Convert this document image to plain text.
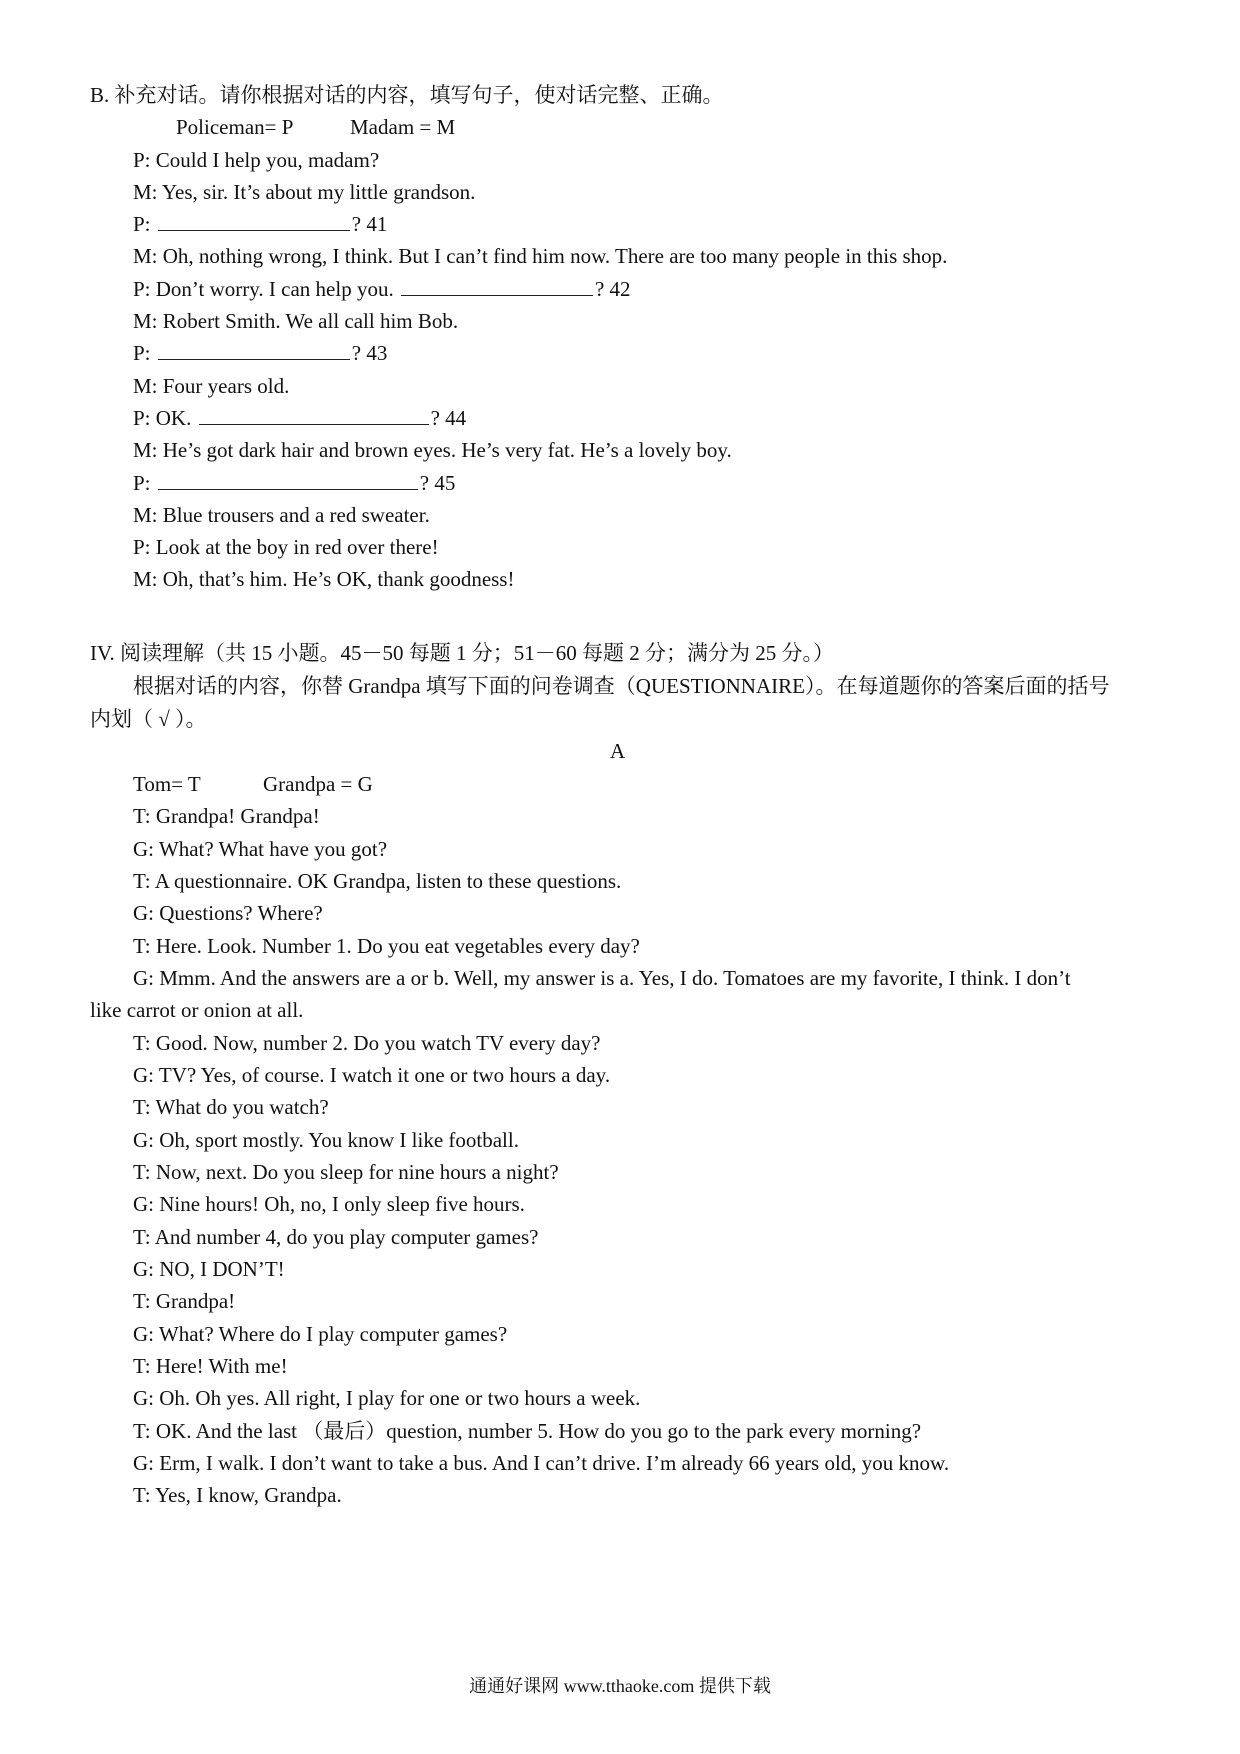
B. 补充对话。请你根据对话的内容，填写句子，使对话完整、正确。
Policeman= P	Madam = M
P: Could I help you, madam?
M: Yes, sir. It’s about my little grandson.
P:	? 41
M: Oh, nothing wrong, I think. But I can’t find him now. There are too many people in this shop.
P: Don’t worry. I can help you.	? 42
M: Robert Smith. We all call him Bob.
P:	? 43
M: Four years old.
P: OK.	? 44
M: He’s got dark hair and brown eyes. He’s very fat. He’s a lovely boy.
P:	? 45
M: Blue trousers and a red sweater.
P: Look at the boy in red over there!
M: Oh, that’s him. He’s OK, thank goodness!
IV. 阅读理解（共 15 小题。45－50 每题 1 分；51－60 每题 2 分；满分为 25 分。）
根据对话的内容，你替 Grandpa 填写下面的问卷调查（QUESTIONNAIRE）。在每道题你的答案后面的括号
内划（ √ ）。
A
Tom= T	Grandpa = G
T: Grandpa! Grandpa!
G: What? What have you got?
T: A questionnaire. OK Grandpa, listen to these questions.
G: Questions? Where?
T: Here. Look. Number 1. Do you eat vegetables every day?
G: Mmm. And the answers are a or b. Well, my answer is a. Yes, I do. Tomatoes are my favorite, I think. I don’t
like carrot or onion at all.
T: Good. Now, number 2. Do you watch TV every day?
G: TV? Yes, of course. I watch it one or two hours a day.
T: What do you watch?
G: Oh, sport mostly. You know I like football.
T: Now, next. Do you sleep for nine hours a night?
G: Nine hours! Oh, no, I only sleep five hours.
T: And number 4, do you play computer games?
G: NO, I DON’T!
T: Grandpa!
G: What? Where do I play computer games?
T: Here! With me!
G: Oh. Oh yes. All right, I play for one or two hours a week.
T: OK. And the last （最后）question, number 5. How do you go to the park every morning?
G: Erm, I walk. I don’t want to take a bus. And I can’t drive. I’m already 66 years old, you know.
T: Yes, I know, Grandpa.
通通好课网 www.tthaoke.com 提供下载
